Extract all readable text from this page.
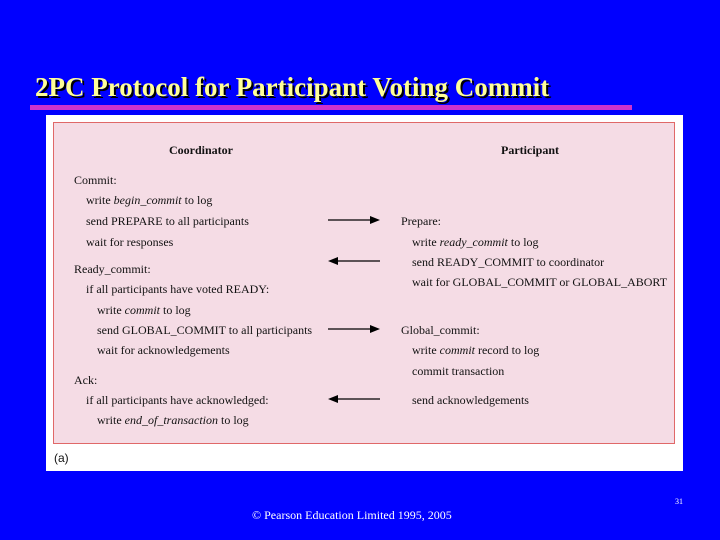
2PC Protocol for Participant Voting Commit
Coordinator	Participant
Commit:
write begin_commit to log
send PREPARE to all participants
wait for responses
Ready_commit:
if all participants have voted READY:
write commit to log
send GLOBAL_COMMIT to all participants
wait for acknowledgements
Ack:
if all participants have acknowledged:
write end_of_transaction to log
Prepare:
write ready_commit to log
send READY_COMMIT to coordinator
wait for GLOBAL_COMMIT or GLOBAL_ABORT
Global_commit:
write commit record to log
commit transaction
send acknowledgements
(a)
© Pearson Education Limited 1995, 2005
31
